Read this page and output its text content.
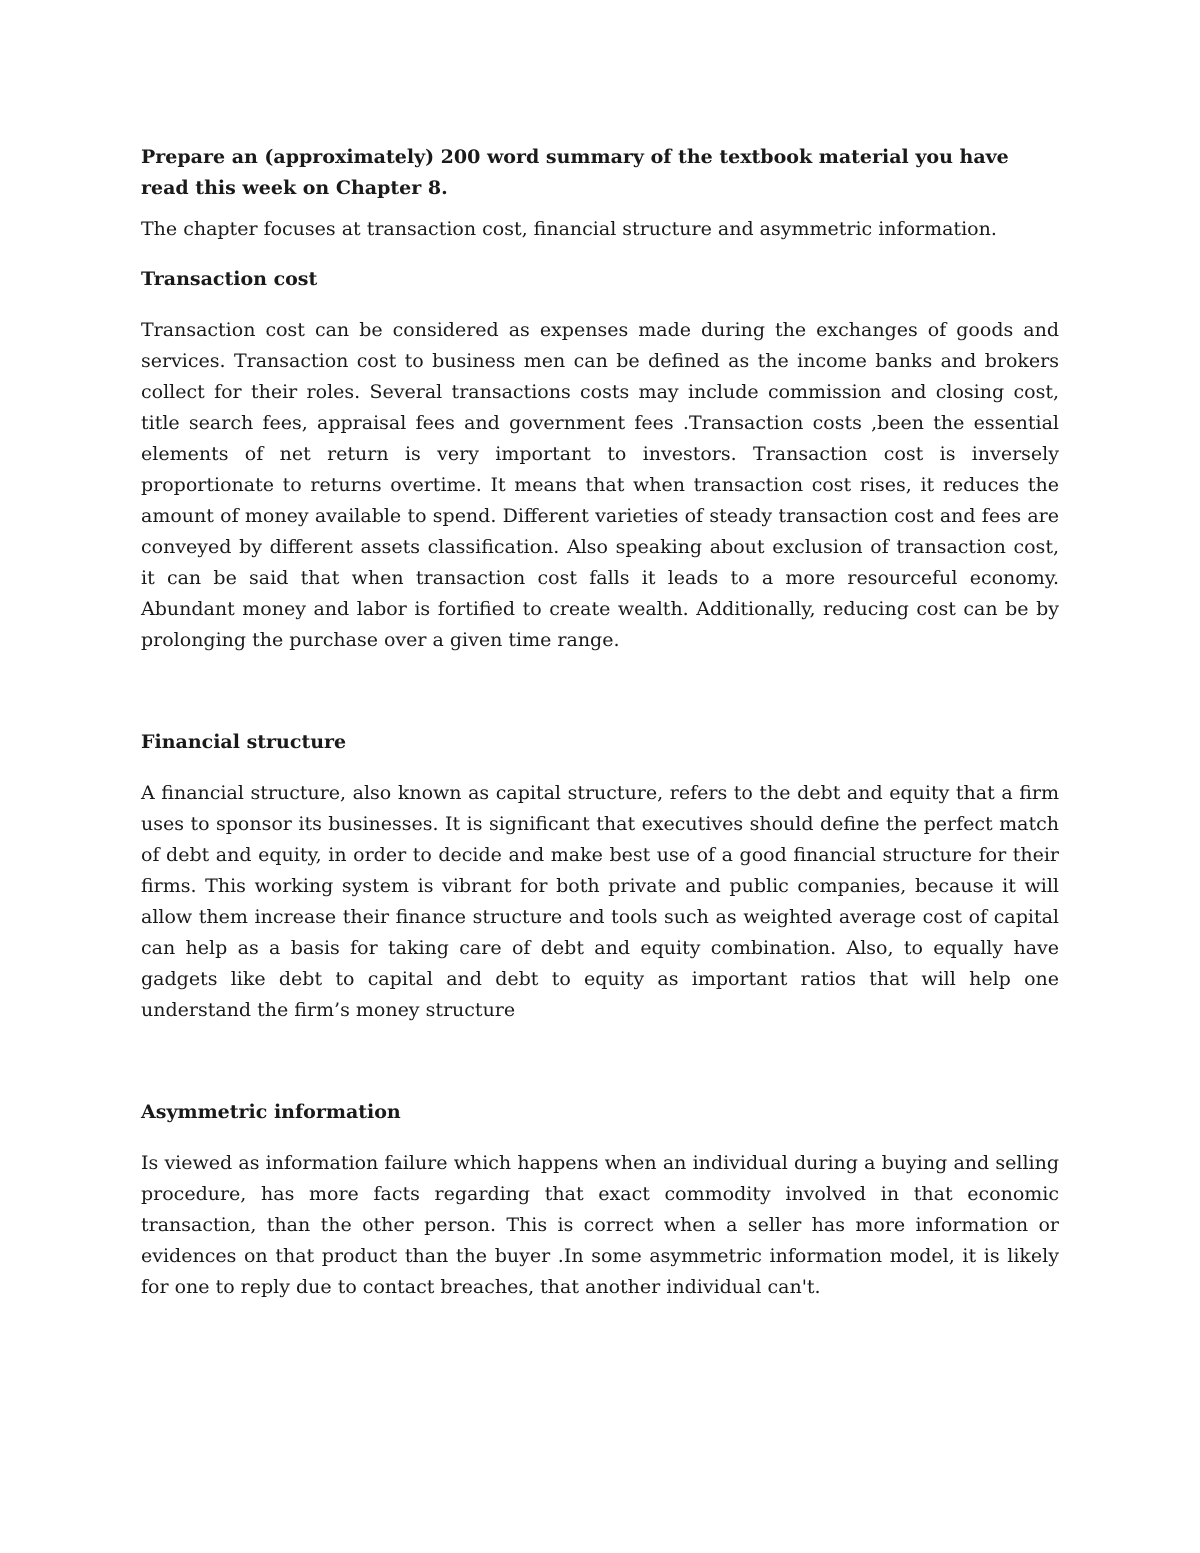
Prepare an (approximately) 200 word summary of the textbook material you have read this week on Chapter 8.

The chapter focuses at transaction cost, financial structure and asymmetric information.

Transaction cost

Transaction cost can be considered as expenses made during the exchanges of goods and services. Transaction cost to business men can be defined as the income banks and brokers collect for their roles. Several transactions costs may include commission and closing cost, title search fees, appraisal fees and government fees .Transaction costs ,been the essential elements of net return is very important to investors. Transaction cost is inversely proportionate to returns overtime. It means that when transaction cost rises, it reduces the amount of money available to spend. Different varieties of steady transaction cost and fees are conveyed by different assets classification. Also speaking about exclusion of transaction cost, it can be said that when transaction cost falls it leads to a more resourceful economy. Abundant money and labor is fortified to create wealth. Additionally, reducing cost can be by prolonging the purchase over a given time range.

Financial structure

A financial structure, also known as capital structure, refers to the debt and equity that a firm uses to sponsor its businesses. It is significant that executives should define the perfect match of debt and equity, in order to decide and make best use of a good financial structure for their firms. This working system is vibrant for both private and public companies, because it will allow them increase their finance structure and tools such as weighted average cost of capital can help as a basis for taking care of debt and equity combination. Also, to equally have gadgets like debt to capital and debt to equity as important ratios that will help one understand the firm’s money structure

Asymmetric information

Is viewed as information failure which happens when an individual during a buying and selling procedure, has more facts regarding that exact commodity involved in that economic transaction, than the other person. This is correct when a seller has more information or evidences on that product than the buyer .In some asymmetric information model, it is likely for one to reply due to contact breaches, that another individual can't.
